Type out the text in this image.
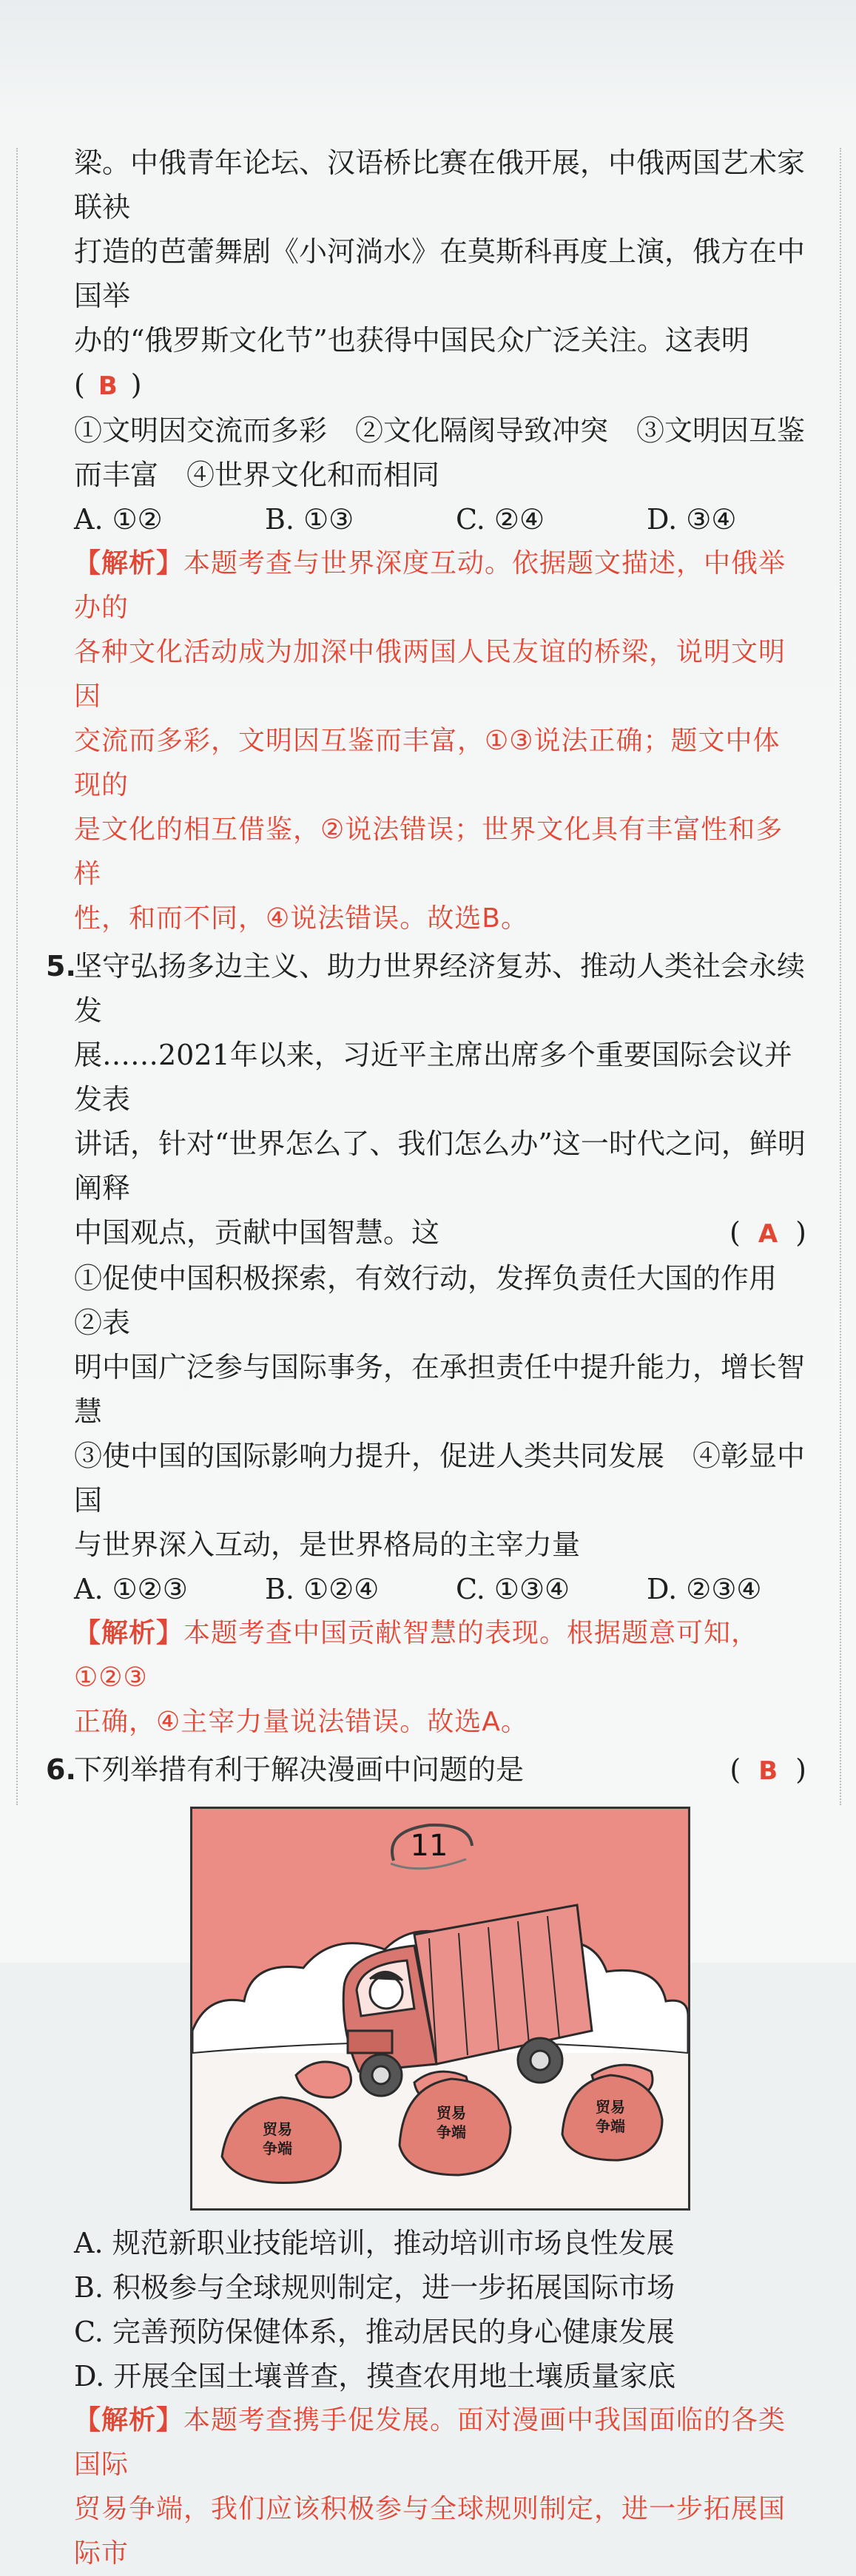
梁。中俄青年论坛、汉语桥比赛在俄开展，中俄两国艺术家联袂

打造的芭蕾舞剧《小河淌水》在莫斯科再度上演，俄方在中国举

办的“俄罗斯文化节”也获得中国民众广泛关注。这表明( B )

①文明因交流而多彩　②文化隔阂导致冲突　③文明因互鉴

而丰富　④世界文化和而相同

A. ①②	B. ①③	C. ②④	D. ③④

【解析】本题考查与世界深度互动。依据题文描述，中俄举办的

各种文化活动成为加深中俄两国人民友谊的桥梁，说明文明因

交流而多彩，文明因互鉴而丰富，①③说法正确；题文中体现的

是文化的相互借鉴，②说法错误；世界文化具有丰富性和多样

性，和而不同，④说法错误。故选B。

5.坚守弘扬多边主义、助力世界经济复苏、推动人类社会永续发

展……2021年以来，习近平主席出席多个重要国际会议并发表

讲话，针对“世界怎么了、我们怎么办”这一时代之问，鲜明阐释

中国观点，贡献中国智慧。这	( A )

①促使中国积极探索，有效行动，发挥负责任大国的作用　②表

明中国广泛参与国际事务，在承担责任中提升能力，增长智慧

③使中国的国际影响力提升，促进人类共同发展　④彰显中国

与世界深入互动，是世界格局的主宰力量

A. ①②③	B. ①②④	C. ①③④	D. ②③④

【解析】本题考查中国贡献智慧的表现。根据题意可知，①②③

正确，④主宰力量说法错误。故选A。

6.下列举措有利于解决漫画中问题的是	( B )

贸易争端
贸易争端
贸易争端

A. 规范新职业技能培训，推动培训市场良性发展

B. 积极参与全球规则制定，进一步拓展国际市场

C. 完善预防保健体系，推动居民的身心健康发展

D. 开展全国土壤普查，摸查农用地土壤质量家底

【解析】本题考查携手促发展。面对漫画中我国面临的各类国际

贸易争端，我们应该积极参与全球规则制定，进一步拓展国际市

11
